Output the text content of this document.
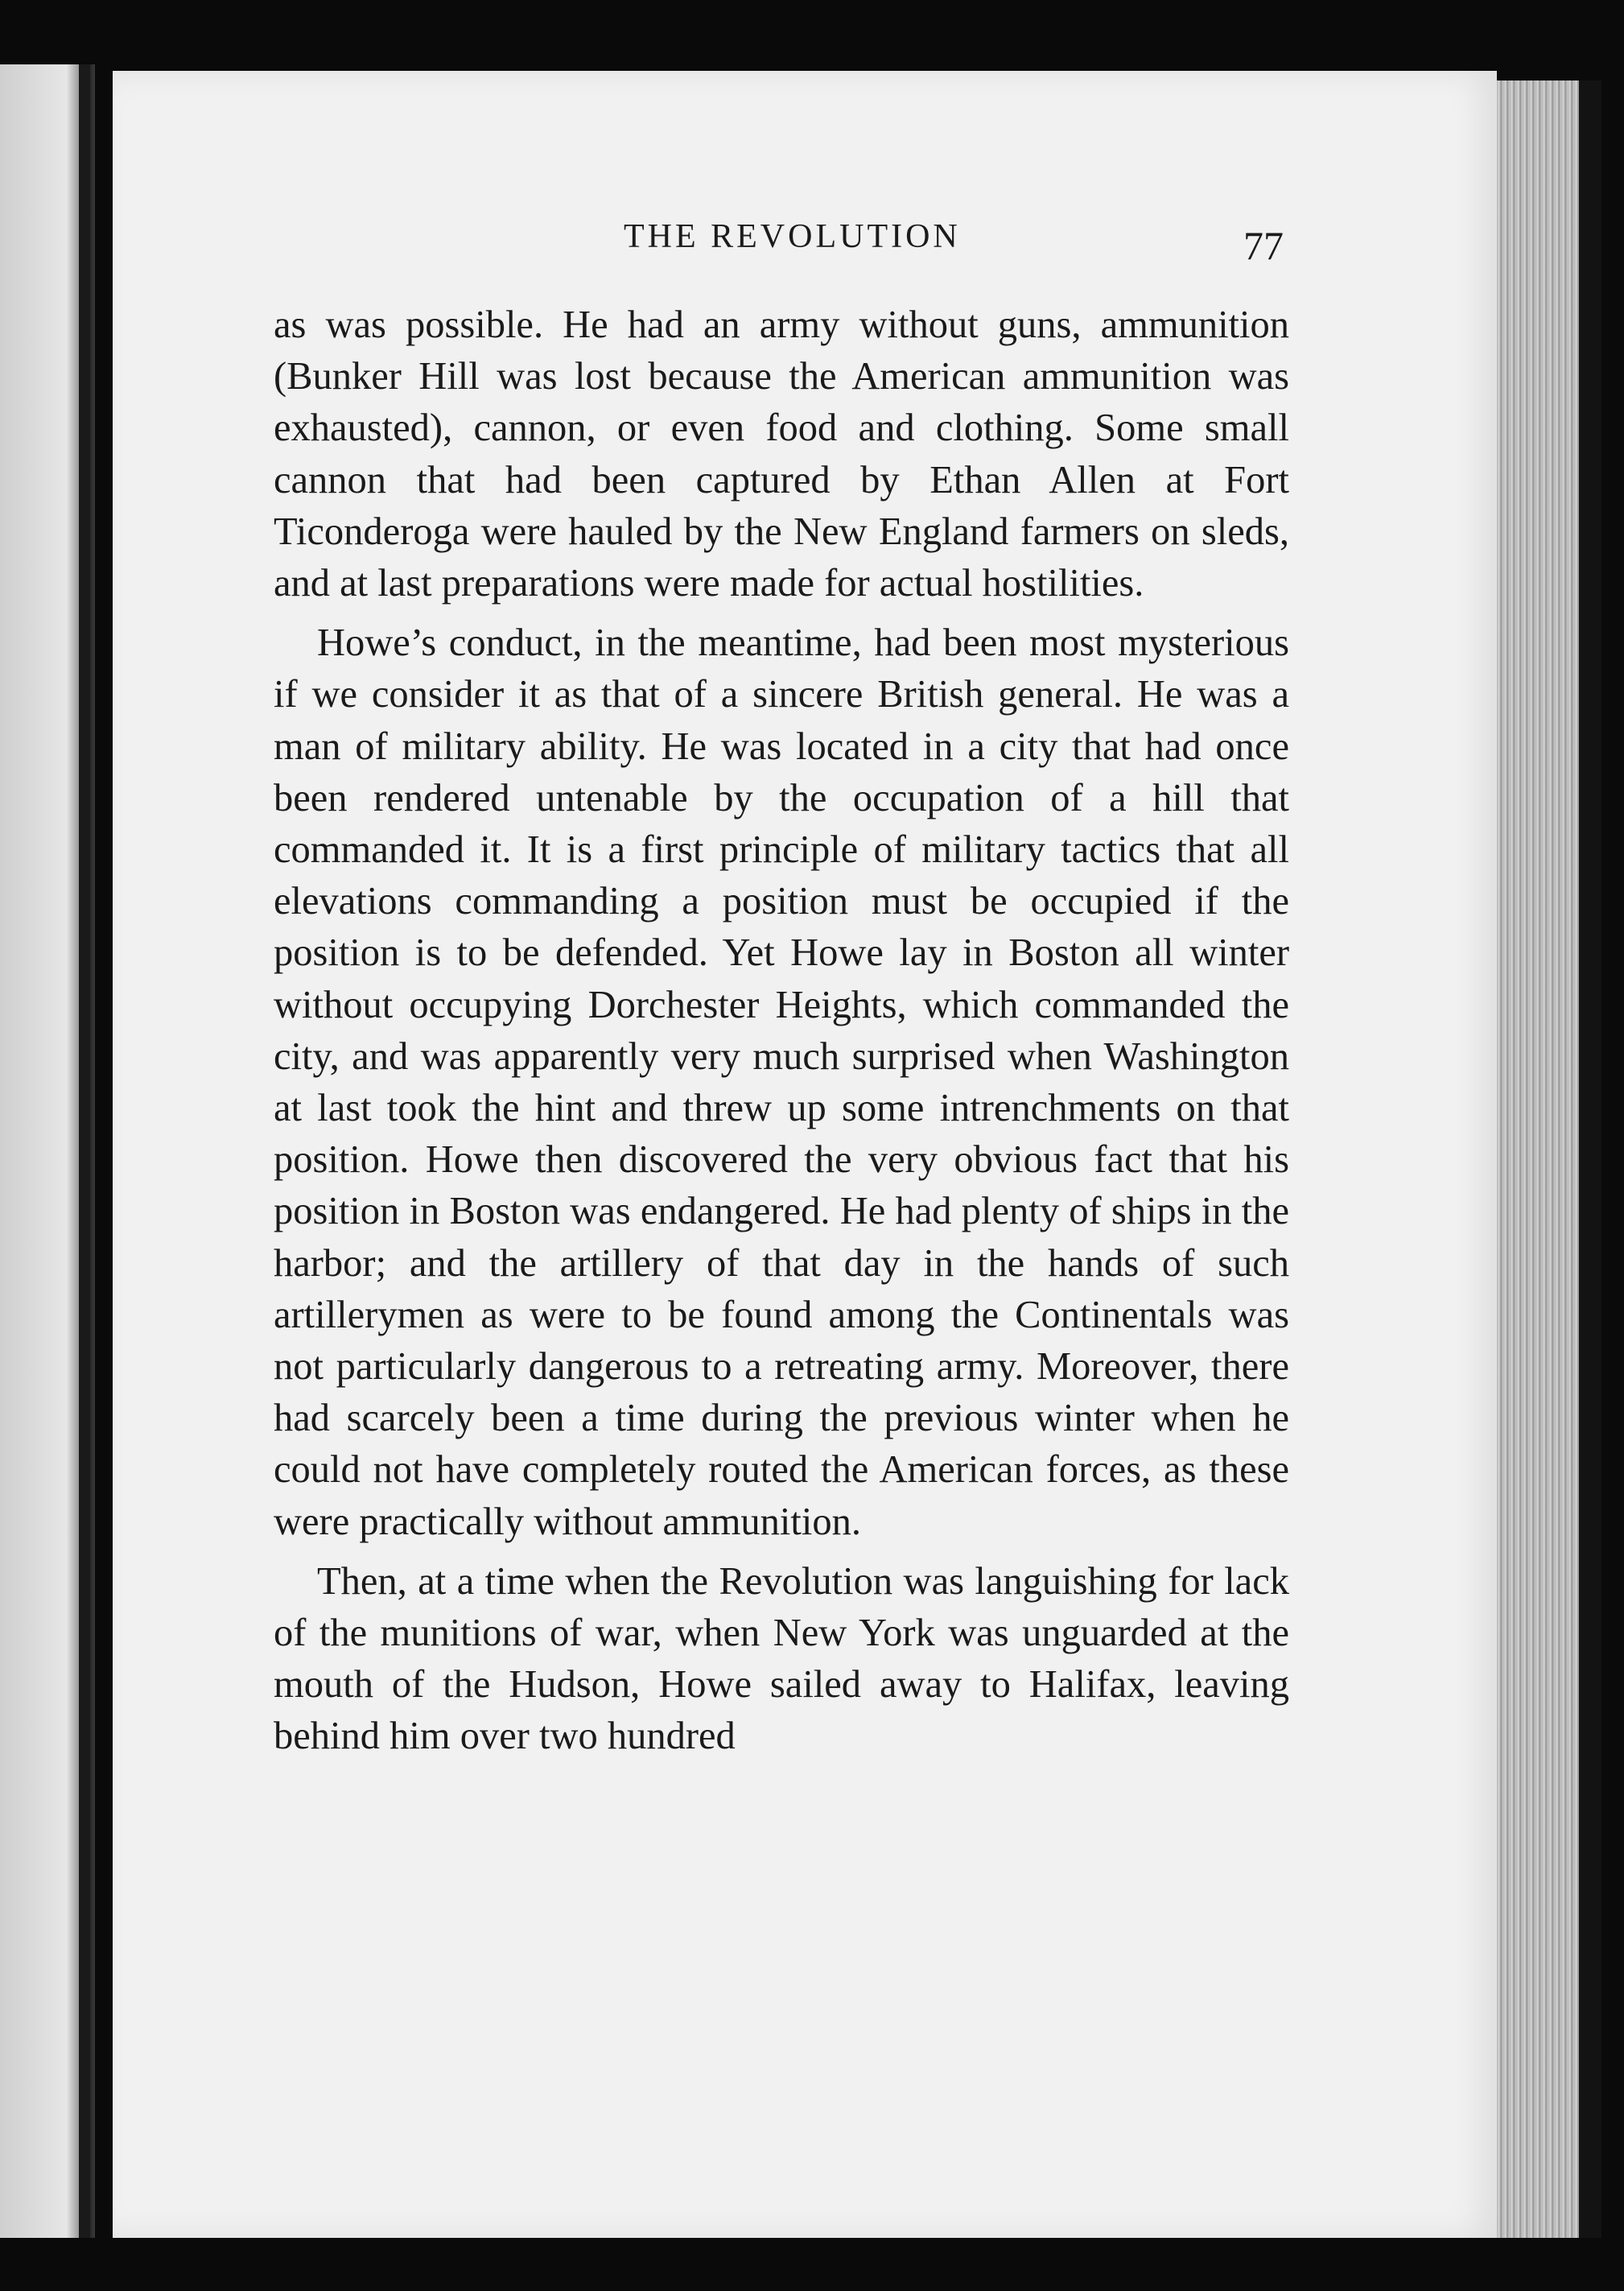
THE REVOLUTION	77

as was possible. He had an army without guns, ammunition (Bunker Hill was lost because the American ammunition was exhausted), cannon, or even food and clothing. Some small cannon that had been captured by Ethan Allen at Fort Ticonderoga were hauled by the New England farmers on sleds, and at last preparations were made for actual hostilities.

Howe’s conduct, in the meantime, had been most mysterious if we consider it as that of a sincere British general. He was a man of military ability. He was located in a city that had once been rendered untenable by the occupation of a hill that commanded it. It is a first principle of military tactics that all elevations commanding a position must be occupied if the position is to be defended. Yet Howe lay in Boston all winter without occupying Dorchester Heights, which commanded the city, and was apparently very much surprised when Washington at last took the hint and threw up some intrenchments on that position. Howe then discovered the very obvious fact that his position in Boston was endangered. He had plenty of ships in the harbor; and the artillery of that day in the hands of such artillerymen as were to be found among the Continentals was not particularly dangerous to a retreating army. Moreover, there had scarcely been a time during the previous winter when he could not have completely routed the American forces, as these were practically without ammunition.

Then, at a time when the Revolution was languishing for lack of the munitions of war, when New York was unguarded at the mouth of the Hudson, Howe sailed away to Halifax, leaving behind him over two hundred
